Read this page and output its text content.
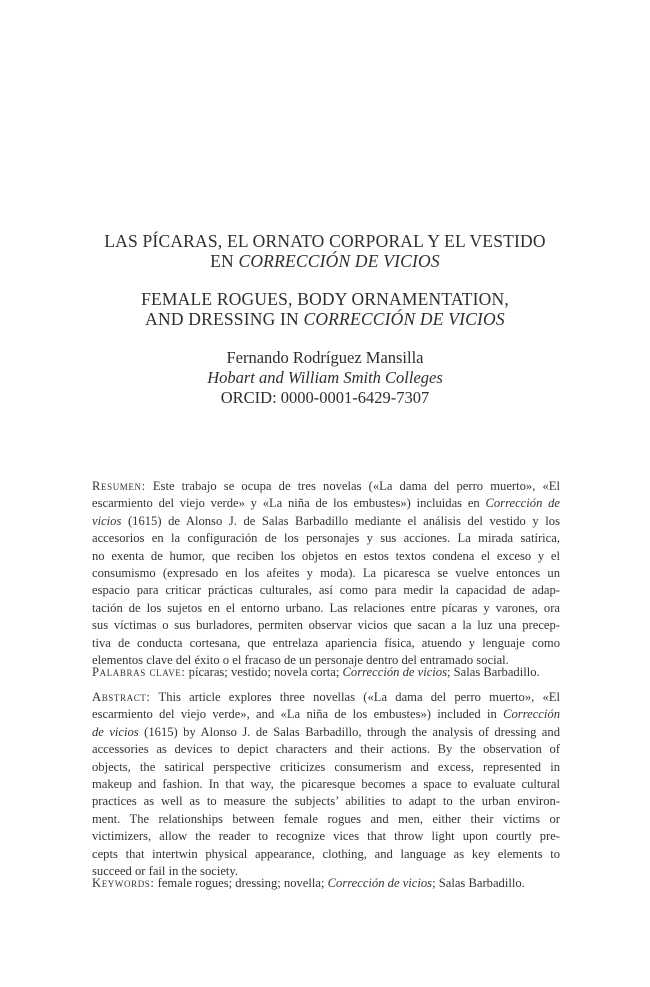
LAS PÍCARAS, EL ORNATO CORPORAL Y EL VESTIDO
EN CORRECCIÓN DE VICIOS
FEMALE ROGUES, BODY ORNAMENTATION,
AND DRESSING IN CORRECCIÓN DE VICIOS
Fernando Rodríguez Mansilla
Hobart and William Smith Colleges
ORCID: 0000-0001-6429-7307
Resumen: Este trabajo se ocupa de tres novelas («La dama del perro muerto», «El
escarmiento del viejo verde» y «La niña de los embustes») incluidas en Corrección de
vicios (1615) de Alonso J. de Salas Barbadillo mediante el análisis del vestido y los
accesorios en la configuración de los personajes y sus acciones. La mirada satírica,
no exenta de humor, que reciben los objetos en estos textos condena el exceso y el
consumismo (expresado en los afeites y moda). La picaresca se vuelve entonces un
espacio para criticar prácticas culturales, así como para medir la capacidad de adap-
tación de los sujetos en el entorno urbano. Las relaciones entre pícaras y varones, ora
sus víctimas o sus burladores, permiten observar vicios que sacan a la luz una precep-
tiva de conducta cortesana, que entrelaza apariencia física, atuendo y lenguaje como
elementos clave del éxito o el fracaso de un personaje dentro del entramado social.
Palabras clave: pícaras; vestido; novela corta; Corrección de vicios; Salas Barbadillo.
Abstract: This article explores three novellas («La dama del perro muerto», «El
escarmiento del viejo verde», and «La niña de los embustes») included in Corrección
de vicios (1615) by Alonso J. de Salas Barbadillo, through the analysis of dressing and
accessories as devices to depict characters and their actions. By the observation of
objects, the satirical perspective criticizes consumerism and excess, represented in
makeup and fashion. In that way, the picaresque becomes a space to evaluate cultural
practices as well as to measure the subjects’ abilities to adapt to the urban environ-
ment. The relationships between female rogues and men, either their victims or
victimizers, allow the reader to recognize vices that throw light upon courtly pre-
cepts that intertwin physical appearance, clothing, and language as key elements to
succeed or fail in the society.
Keywords: female rogues; dressing; novella; Corrección de vicios; Salas Barbadillo.
